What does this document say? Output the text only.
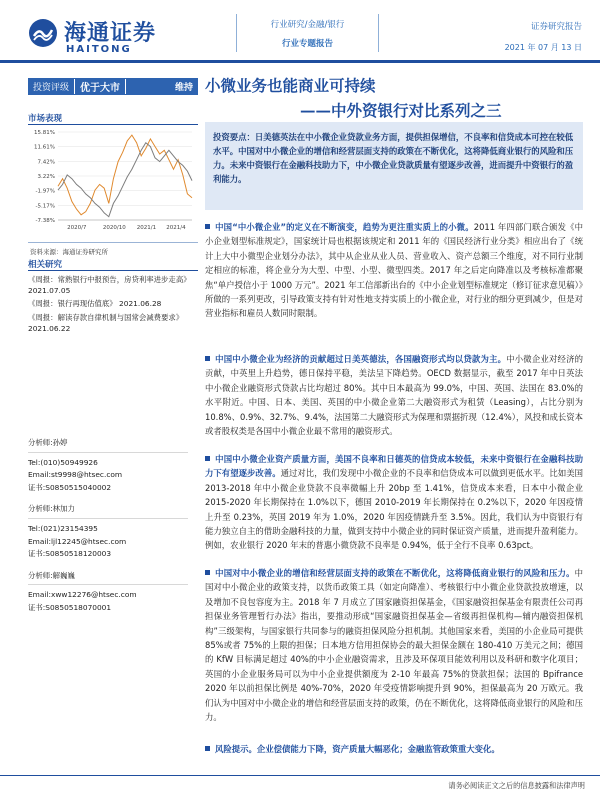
海通证券
HAITONG
行业研究/金融/银行
行业专题报告
证券研究报告
2021 年 07 月 13 日
投资评级	优于大市	维持 小微业务也能商业可持续
——中外资银行对比系列之三
市场表现
15.81%
11.61%
7.42%
3.22%
-1.97%
-5.17%
-7.38%
2020/7	2020/10 2021/1 2021/4
资料来源：海通证券研究所
相关研究
《周报：常熟银行中报预告，房贷利率进步走高》 2021.07.05
《周报：银行再现估值底》 2021.06.28
《周报：解读存款自律机制与国常会减费要求》 2021.06.22
分析师:孙婷
Tel:(010)50949926
Email:st9998@htsec.com
证书:S0850515040002
分析师:林加力
Tel:(021)23154395
Email:ljl12245@htsec.com
证书:S0850518120003
分析师:解巍巍
Email:xww12276@htsec.com
证书:S0850518070001
投资要点：日美德英法在中小微企业贷款业务方面，提供担保增信，不良率和信贷成本可控在较低水平。中国对中小微企业的增信和经营层面支持的政策在不断优化，这将降低商业银行的风险和压力。未来中资银行在金融科技助力下，中小微企业贷款质量有望逐步改善，进而提升中资银行的盈利能力。
中国“中小微企业”的定义在不断演变，趋势为更注重实质上的小微。2011 年四部门联合颁发《中小企业划型标准规定》，国家统计局也根据该规定和 2011 年的《国民经济行业分类》相应出台了《统计上大中小微型企业划分办法》，其中从企业从业人员、营业收入、资产总额三个维度，对不同行业制定相应的标准，将企业分为大型、中型、小型、微型四类。2017 年之后定向降准以及考核标准都聚焦“单户授信小于 1000 万元”。2021 年工信部新出台的《中小企业划型标准规定（修订征求意见稿）》所做的一系列更改，引导政策支持有针对性地支持实质上的小微企业，对行业的细分更到减少，但是对营业指标和雇员人数同时限制。
中国中小微企业为经济的贡献超过日美英德法，各国融资形式均以贷款为主。中小微企业对经济的贡献，中英里上升趋势，德日保持平稳，美法呈下降趋势。OECD 数据显示，截至 2017 年中日英法中小微企业融资形式贷款占比均超过 80%。其中日本最高为 99.0%，中国、英国、法国在 83.0%的水平附近。中国、日本、美国、英国的中小微企业第二大融资形式为租赁（Leasing），占比分别为 10.8%、0.9%、32.7%、9.4%，法国第二大融资形式为保理和票据折现（12.4%），风投和成长资本或者股权类是各国中小微企业最不常用的融资形式。
中国中小微企业资产质量方面，美国不良率和日德英的信贷成本较低，未来中资银行在金融科技助力下有望逐步改善。通过对比，我们发现中小微企业的不良率和信贷成本可以做到更低水平。比如美国 2013-2018 年中小微企业贷款不良率微幅上升 20bp 至 1.41%，信贷成本来看，日本中小微企业 2015-2020 年长期保持在 1.0%以下，德国 2010-2019 年长期保持在 0.2%以下，2020 年因疫情上升至 0.23%，英国 2019 年为 1.0%，2020 年因疫情跳升至 3.5%。因此，我们认为中资银行有能力独立自主的借助金融科技的力量，做到支持中小微企业的同时保证资产质量，进而提升盈利能力。例如，农业银行 2020 年末的普惠小微贷款不良率是 0.94%，低于全行不良率 0.63pct。
中国对中小微企业的增信和经营层面支持的政策在不断优化，这将降低商业银行的风险和压力。中国对中小微企业的政策支持，以货币政策工具（如定向降准）、考核银行中小微企业贷款投放增速，以及增加不良包容度为主。2018 年 7 月成立了国家融资担保基金，《国家融资担保基金有限责任公司再担保业务管理暂行办法》指出，要推动形成“国家融资担保基金—省级再担保机构—辅内融资担保机构”三级架构，与国家银行共同参与的融资担保风险分担机制。其他国家来看，美国的小企业局可提供 85%或者 75%的上限的担保；日本地方信用担保协会的最大担保金额在 180-410 万美元之间；德国的 KfW 目标满足超过 40%的中小企业融资需求，且涉及环保项目能效利用以及科研和数字化项目；英国的小企业服务局可以为中小企业提供额度为 2-10 年最高 75%的贷款担保；法国的 Bpifrance 2020 年以前担保比例是 40%-70%，2020 年受疫情影响提升到 90%，担保最高为 20 万欧元。我们认为中国对中小微企业的增信和经营层面支持的政策，仍在不断优化，这将降低商业银行的风险和压力。
风险提示。企业偿债能力下降，资产质量大幅恶化；金融监管政策重大变化。
请务必阅读正文之后的信息披露和法律声明
